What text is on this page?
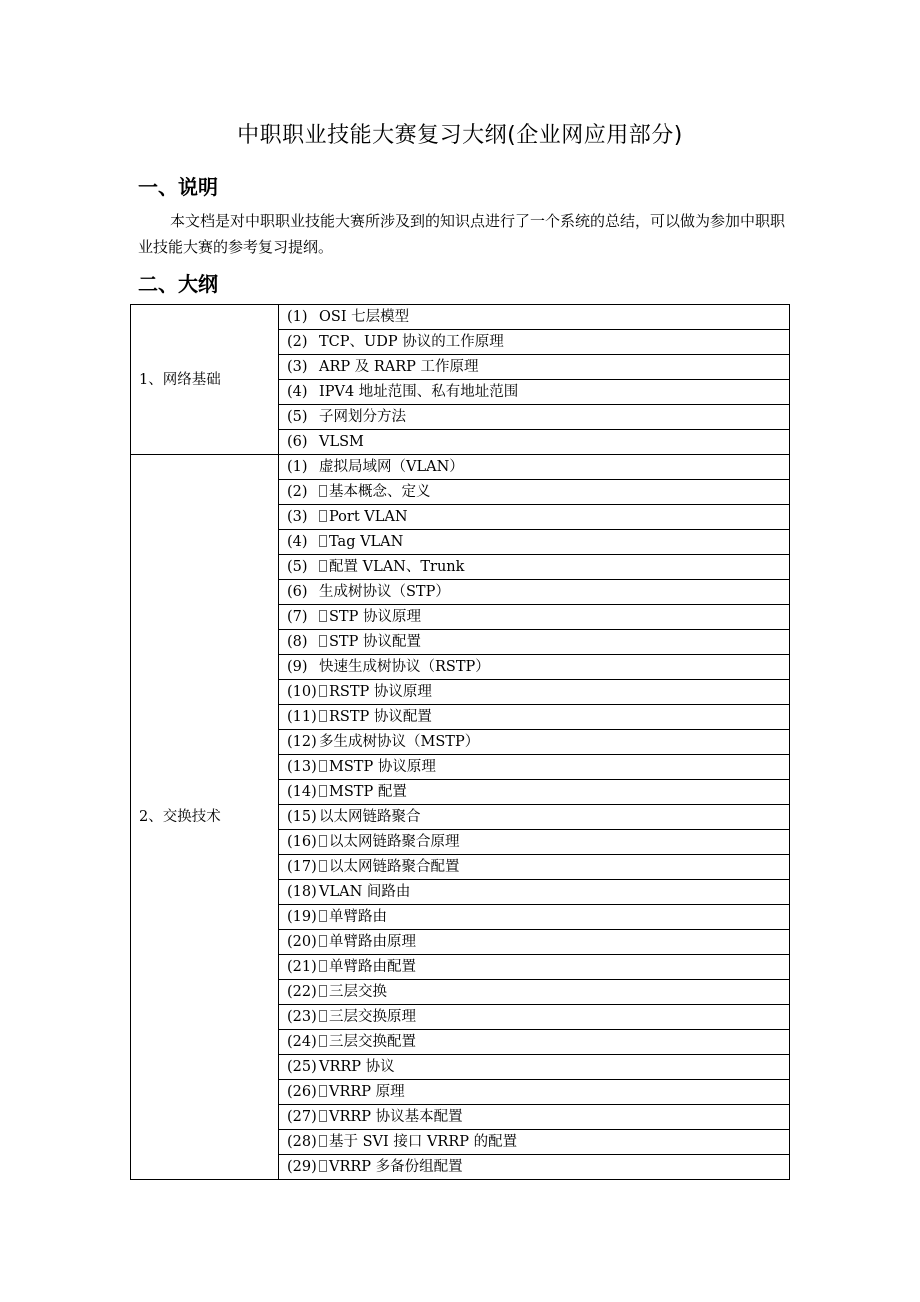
中职职业技能大赛复习大纲(企业网应用部分)
一、说明
本文档是对中职职业技能大赛所涉及到的知识点进行了一个系统的总结，可以做为参加中职职业技能大赛的参考复习提纲。
二、大纲
1、网络基础	(1) OSI 七层模型
	(2) TCP、UDP 协议的工作原理
	(3) ARP 及 RARP 工作原理
	(4) IPV4 地址范围、私有地址范围
	(5) 子网划分方法
	(6) VLSM
2、交换技术	(1) 虚拟局域网（VLAN）
	(2) 基本概念、定义
	(3) Port VLAN
	(4) Tag VLAN
	(5) 配置 VLAN、Trunk
	(6) 生成树协议（STP）
	(7) STP 协议原理
	(8) STP 协议配置
	(9) 快速生成树协议（RSTP）
	(10) RSTP 协议原理
	(11) RSTP 协议配置
	(12) 多生成树协议（MSTP）
	(13) MSTP 协议原理
	(14) MSTP 配置
	(15) 以太网链路聚合
	(16) 以太网链路聚合原理
	(17) 以太网链路聚合配置
	(18) VLAN 间路由
	(19) 单臂路由
	(20) 单臂路由原理
	(21) 单臂路由配置
	(22) 三层交换
	(23) 三层交换原理
	(24) 三层交换配置
	(25) VRRP 协议
	(26) VRRP 原理
	(27) VRRP 协议基本配置
	(28) 基于 SVI 接口 VRRP 的配置
	(29) VRRP 多备份组配置
